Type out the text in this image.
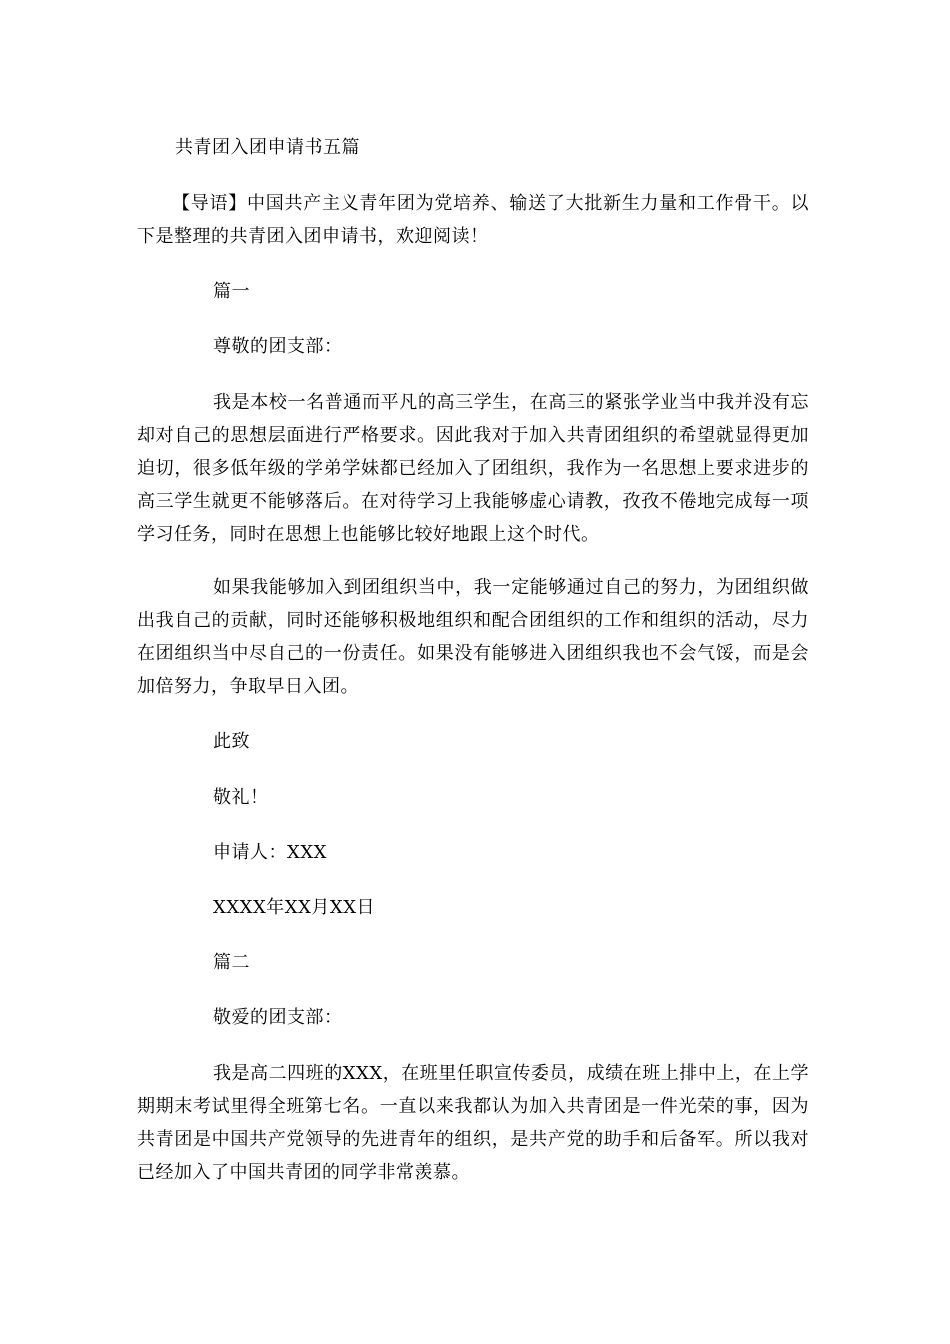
共青团入团申请书五篇
【导语】中国共产主义青年团为党培养、输送了大批新生力量和工作骨干。以下是整理的共青团入团申请书，欢迎阅读！
篇一
尊敬的团支部：
我是本校一名普通而平凡的高三学生，在高三的紧张学业当中我并没有忘却对自己的思想层面进行严格要求。因此我对于加入共青团组织的希望就显得更加迫切，很多低年级的学弟学妹都已经加入了团组织，我作为一名思想上要求进步的高三学生就更不能够落后。在对待学习上我能够虚心请教，孜孜不倦地完成每一项学习任务，同时在思想上也能够比较好地跟上这个时代。
如果我能够加入到团组织当中，我一定能够通过自己的努力，为团组织做出我自己的贡献，同时还能够积极地组织和配合团组织的工作和组织的活动，尽力在团组织当中尽自己的一份责任。如果没有能够进入团组织我也不会气馁，而是会加倍努力，争取早日入团。
此致
敬礼！
申请人：XXX
XXXX年XX月XX日
篇二
敬爱的团支部：
我是高二四班的XXX，在班里任职宣传委员，成绩在班上排中上，在上学期期末考试里得全班第七名。一直以来我都认为加入共青团是一件光荣的事，因为共青团是中国共产党领导的先进青年的组织，是共产党的助手和后备军。所以我对已经加入了中国共青团的同学非常羡慕。
